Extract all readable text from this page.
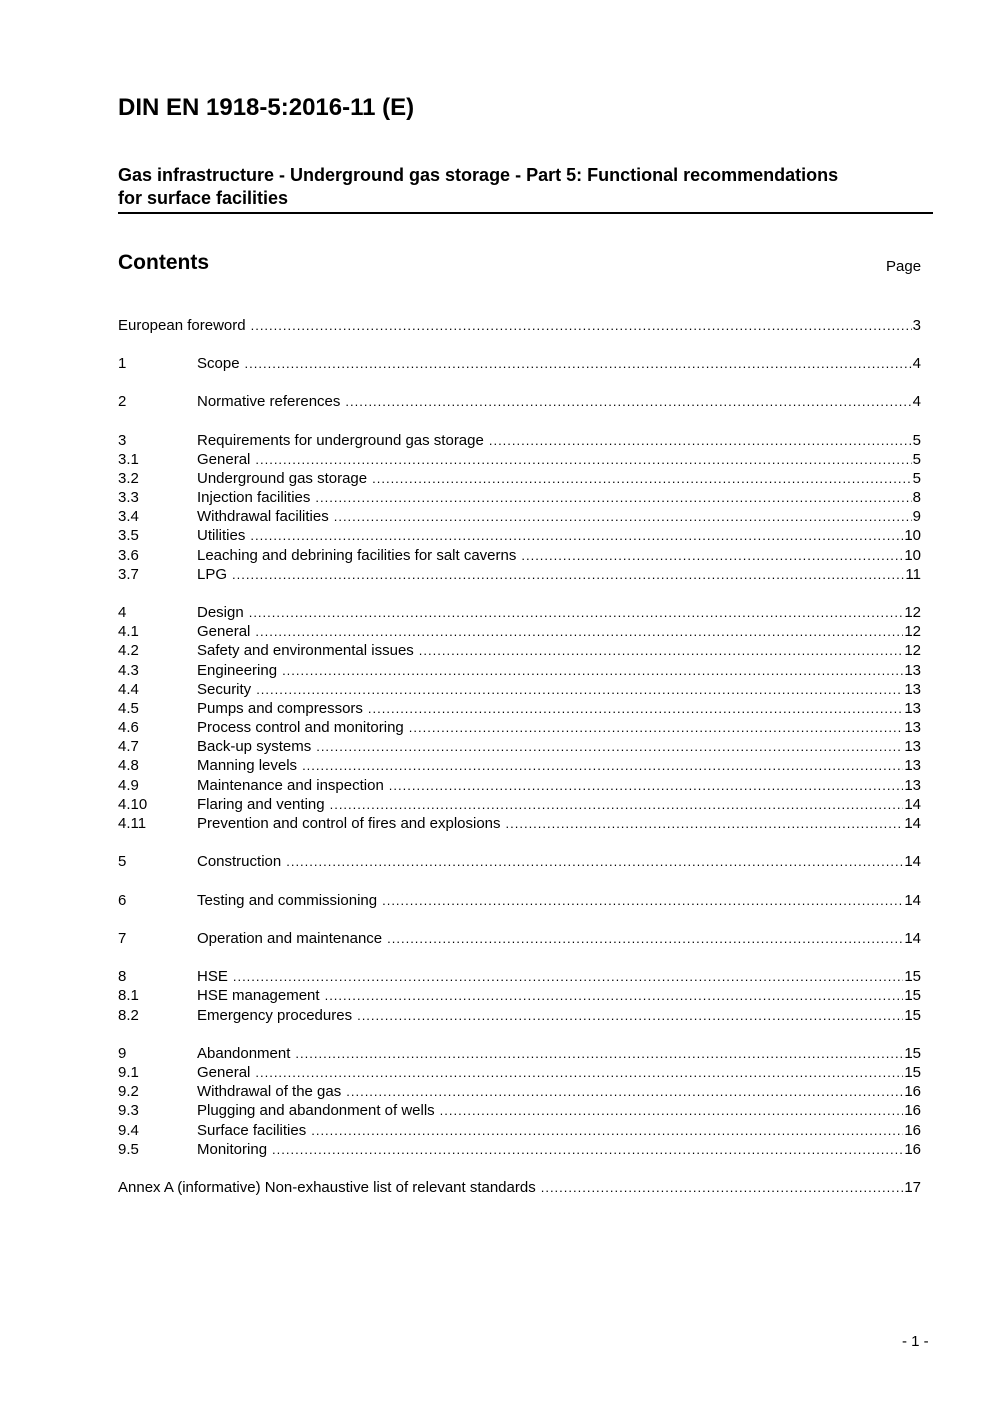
DIN EN 1918-5:2016-11 (E)
Gas infrastructure - Underground gas storage - Part 5: Functional recommendations
for surface facilities
Contents	Page
European foreword .....	3
1	Scope .....	4
2	Normative references .....	4
3	Requirements for underground gas storage .....	5
3.1	General .....	5
3.2	Underground gas storage .....	5
3.3	Injection facilities .....	8
3.4	Withdrawal facilities .....	9
3.5	Utilities .....	10
3.6	Leaching and debrining facilities for salt caverns .....	10
3.7	LPG .....	11
4	Design .....	12
4.1	General .....	12
4.2	Safety and environmental issues .....	12
4.3	Engineering .....	13
4.4	Security .....	13
4.5	Pumps and compressors .....	13
4.6	Process control and monitoring .....	13
4.7	Back-up systems .....	13
4.8	Manning levels .....	13
4.9	Maintenance and inspection .....	13
4.10	Flaring and venting .....	14
4.11	Prevention and control of fires and explosions .....	14
5	Construction .....	14
6	Testing and commissioning .....	14
7	Operation and maintenance .....	14
8	HSE .....	15
8.1	HSE management .....	15
8.2	Emergency procedures .....	15
9	Abandonment .....	15
9.1	General .....	15
9.2	Withdrawal of the gas .....	16
9.3	Plugging and abandonment of wells .....	16
9.4	Surface facilities .....	16
9.5	Monitoring .....	16
Annex A (informative) Non-exhaustive list of relevant standards .....	17
- 1 -
